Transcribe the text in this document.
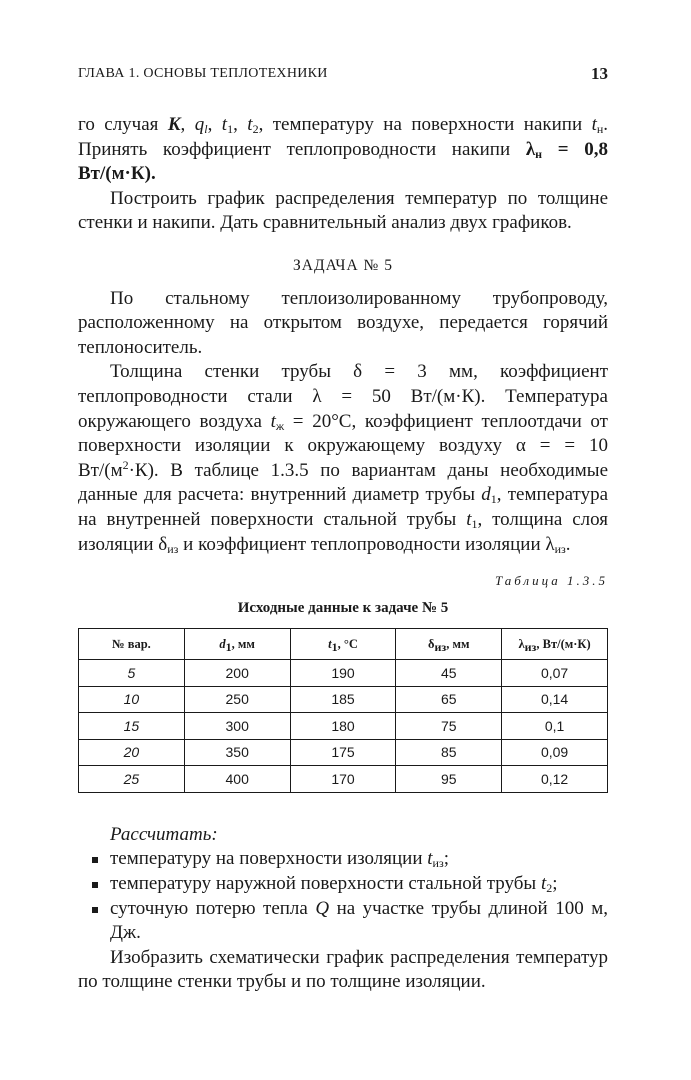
ГЛАВА 1. ОСНОВЫ ТЕПЛОТЕХНИКИ	13

го случая K, $q_l$, $t_1$, $t_2$, температуру на поверхности накипи $t_н$. Принять коэффициент теплопроводности накипи $\lambda_н = 0,8$ Вт/(м·К).

Построить график распределения температур по толщине стенки и накипи. Дать сравнительный анализ двух графиков.

ЗАДАЧА № 5

По стальному теплоизолированному трубопроводу, расположенному на открытом воздухе, передается горячий теплоноситель.

Толщина стенки трубы δ = 3 мм, коэффициент теплопроводности стали λ = 50 Вт/(м·К). Температура окружающего воздуха $t_ж = 20^\circ С$, коэффициент теплоотдачи от поверхности изоляции к окружающему воздуху α = = 10 $Вт/(м^2\cdot К)$. В таблице 1.3.5 по вариантам даны необходимые данные для расчета: внутренний диаметр трубы $d_1$, температура на внутренней поверхности стальной трубы $t_1$, толщина слоя изоляции $\delta_{из}$ и коэффициент теплопроводности изоляции $\lambda_{из}$.

Таблица 1.3.5
Исходные данные к задаче № 5
№ вар.	$d_1$, мм	$t_1$, °С	$\delta_{из}$, мм	$\lambda_{из}$, Вт/(м·К)
5	200	190	45	0,07
10	250	185	65	0,14
15	300	180	75	0,1
20	350	175	85	0,09
25	400	170	95	0,12

Рассчитать:

температуру на поверхности изоляции $t_{из}$;
температуру наружной поверхности стальной трубы $t_2$;
суточную потерю тепла Q на участке трубы длиной 100 м, Дж.

Изобразить схематически график распределения температур по толщине стенки трубы и по толщине изоляции.
